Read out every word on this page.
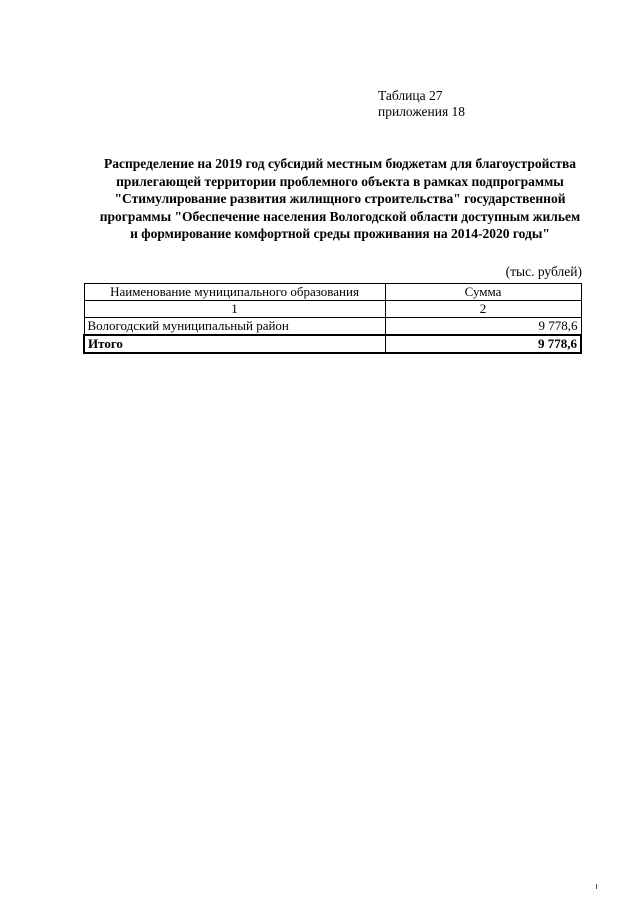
Таблица 27
приложения 18
Распределение на 2019 год субсидий местным бюджетам для благоустройства
прилегающей территории проблемного объекта в рамках подпрограммы
"Стимулирование развития жилищного строительства" государственной
программы "Обеспечение населения Вологодской области доступным жильем
и формирование комфортной среды проживания на 2014-2020 годы"
(тыс. рублей)
Наименование муниципального образования	Сумма
1	2
Вологодский муниципальный район	9 778,6
Итого	9 778,6
